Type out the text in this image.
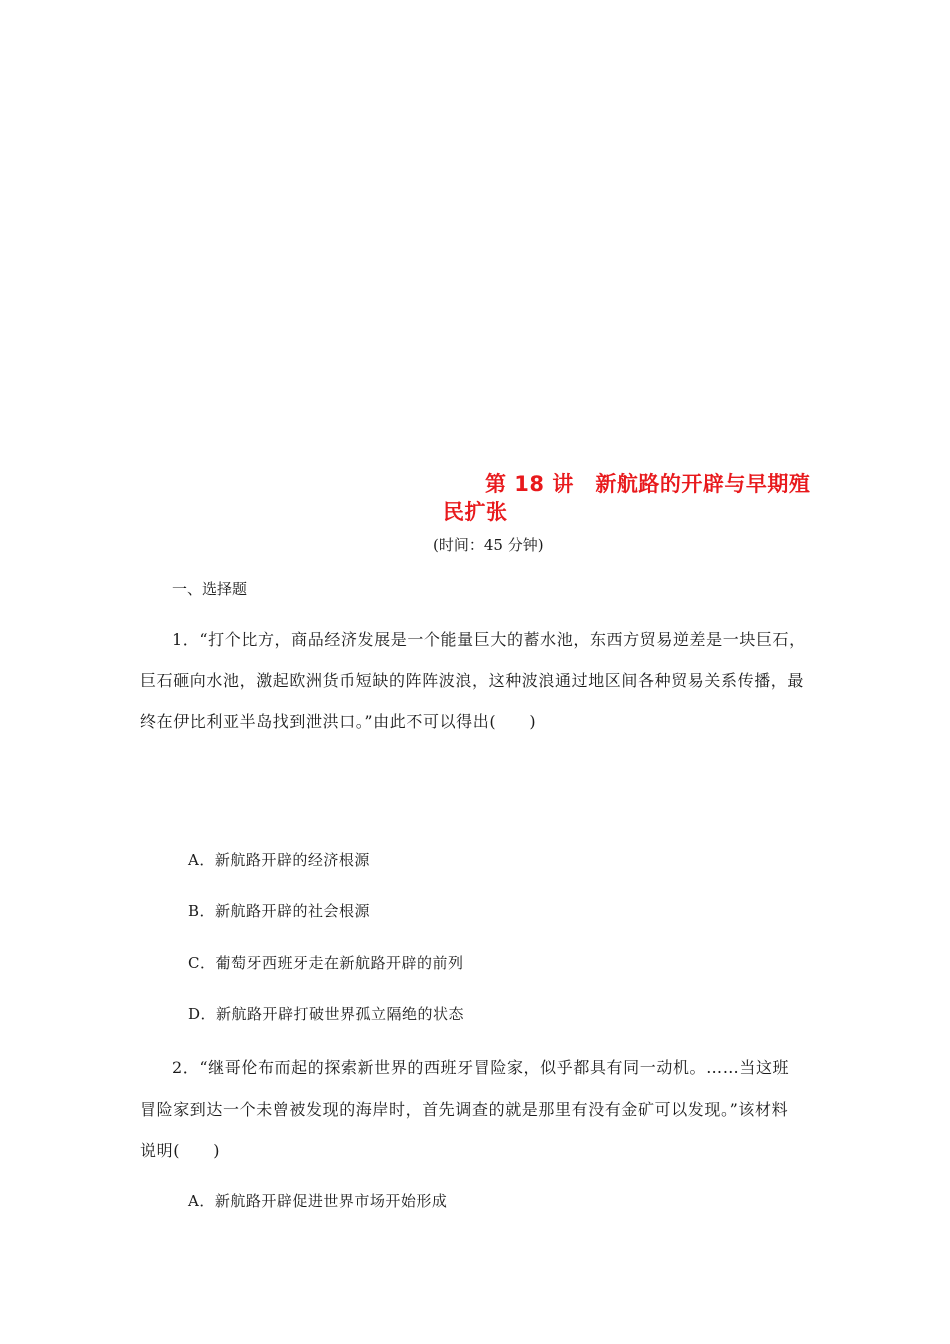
第 18 讲　新航路的开辟与早期殖
民扩张
(时间：45 分钟)
一、选择题
1．“打个比方，商品经济发展是一个能量巨大的蓄水池，东西方贸易逆差是一块巨石，
巨石砸向水池，激起欧洲货币短缺的阵阵波浪，这种波浪通过地区间各种贸易关系传播，最
终在伊比利亚半岛找到泄洪口。”由此不可以得出(　　)
A．新航路开辟的经济根源
B．新航路开辟的社会根源
C．葡萄牙西班牙走在新航路开辟的前列
D．新航路开辟打破世界孤立隔绝的状态
2．“继哥伦布而起的探索新世界的西班牙冒险家，似乎都具有同一动机。……当这班
冒险家到达一个未曾被发现的海岸时，首先调查的就是那里有没有金矿可以发现。”该材料
说明(　　)
A．新航路开辟促进世界市场开始形成
